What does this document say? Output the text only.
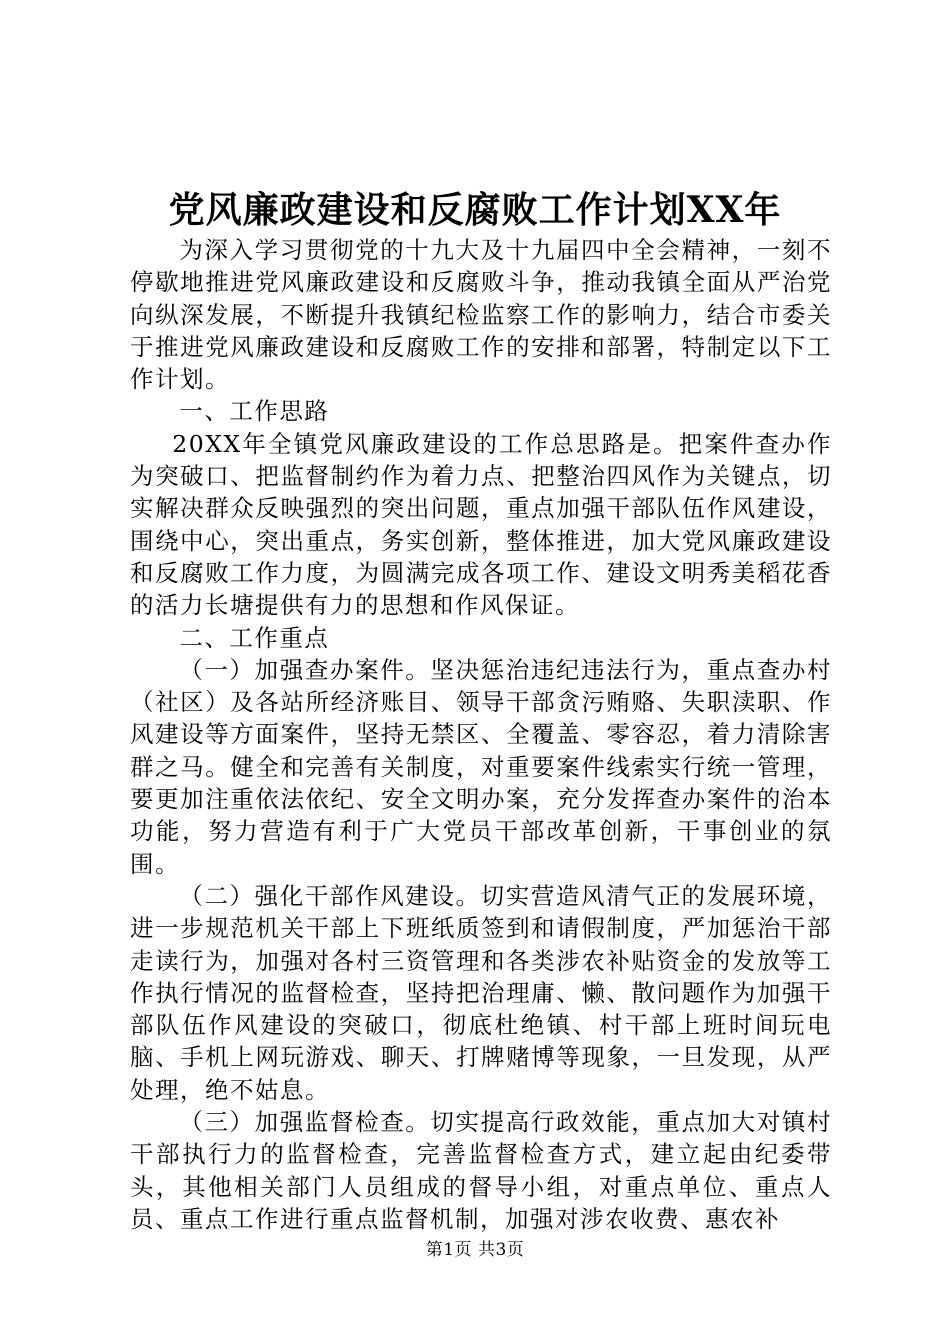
党风廉政建设和反腐败工作计划XX年

为深入学习贯彻党的十九大及十九届四中全会精神，一刻不停歇地推进党风廉政建设和反腐败斗争，推动我镇全面从严治党向纵深发展，不断提升我镇纪检监察工作的影响力，结合市委关于推进党风廉政建设和反腐败工作的安排和部署，特制定以下工作计划。

一、工作思路

20XX年全镇党风廉政建设的工作总思路是。把案件查办作为突破口、把监督制约作为着力点、把整治四风作为关键点，切实解决群众反映强烈的突出问题，重点加强干部队伍作风建设，围绕中心，突出重点，务实创新，整体推进，加大党风廉政建设和反腐败工作力度，为圆满完成各项工作、建设文明秀美稻花香的活力长塘提供有力的思想和作风保证。

二、工作重点

（一）加强查办案件。坚决惩治违纪违法行为，重点查办村（社区）及各站所经济账目、领导干部贪污贿赂、失职渎职、作风建设等方面案件，坚持无禁区、全覆盖、零容忍，着力清除害群之马。健全和完善有关制度，对重要案件线索实行统一管理，要更加注重依法依纪、安全文明办案，充分发挥查办案件的治本功能，努力营造有利于广大党员干部改革创新，干事创业的氛围。

（二）强化干部作风建设。切实营造风清气正的发展环境，进一步规范机关干部上下班纸质签到和请假制度，严加惩治干部走读行为，加强对各村三资管理和各类涉农补贴资金的发放等工作执行情况的监督检查，坚持把治理庸、懒、散问题作为加强干部队伍作风建设的突破口，彻底杜绝镇、村干部上班时间玩电脑、手机上网玩游戏、聊天、打牌赌博等现象，一旦发现，从严处理，绝不姑息。

（三）加强监督检查。切实提高行政效能，重点加大对镇村干部执行力的监督检查，完善监督检查方式，建立起由纪委带头，其他相关部门人员组成的督导小组，对重点单位、重点人员、重点工作进行重点监督机制，加强对涉农收费、惠农补

第1页 共3页
